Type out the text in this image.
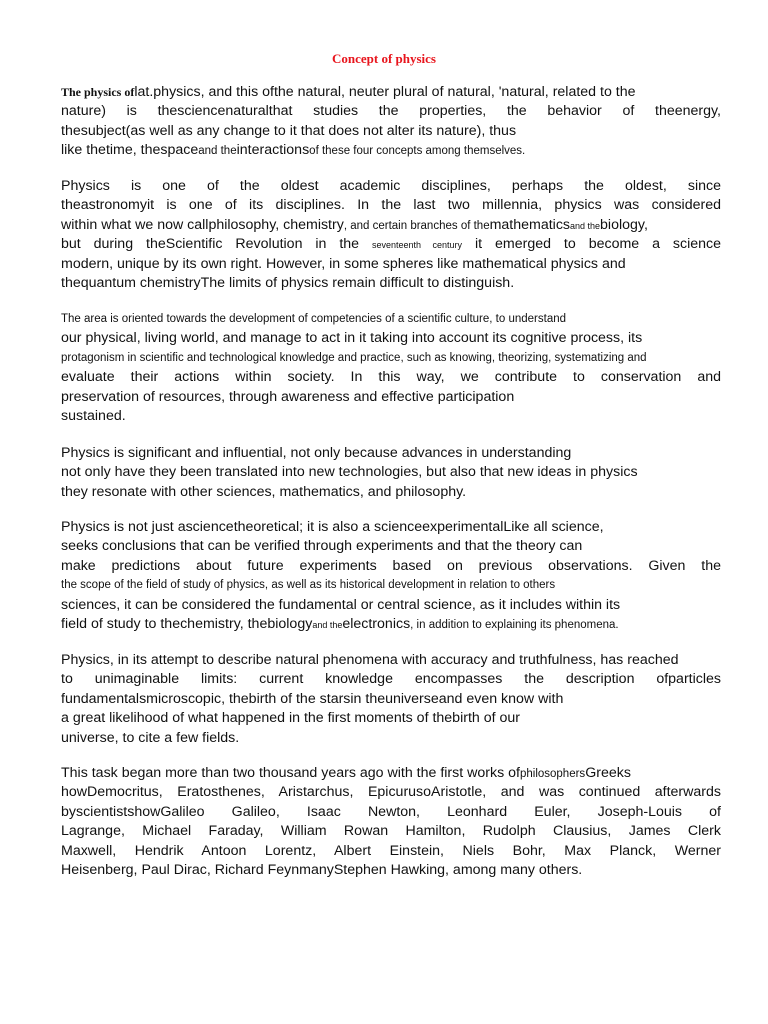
Concept of physics
The physics oflat.physics, and this ofthe natural, neuter plural of natural, 'natural, related to the
nature) is thesciencenaturalthat studies the properties, the behavior of theenergy,
thesubject(as well as any change to it that does not alter its nature), thus
like thetime, thespaceand theinteractionsof these four concepts among themselves.
Physics is one of the oldest academic disciplines, perhaps the oldest, since
theastronomyit is one of its disciplines. In the last two millennia, physics was considered
within what we now callphilosophy, chemistry, and certain branches of themathematicsand thebiology,
but during theScientific Revolution in the seventeenth century it emerged to become a science
modern, unique by its own right. However, in some spheres like mathematical physics and
thequantum chemistryThe limits of physics remain difficult to distinguish.
The area is oriented towards the development of competencies of a scientific culture, to understand
our physical, living world, and manage to act in it taking into account its cognitive process, its
protagonism in scientific and technological knowledge and practice, such as knowing, theorizing, systematizing and
evaluate their actions within society. In this way, we contribute to conservation and
preservation of resources, through awareness and effective participation
sustained.
Physics is significant and influential, not only because advances in understanding
not only have they been translated into new technologies, but also that new ideas in physics
they resonate with other sciences, mathematics, and philosophy.
Physics is not just asciencetheoretical; it is also a scienceexperimentalLike all science,
seeks conclusions that can be verified through experiments and that the theory can
make predictions about future experiments based on previous observations. Given the
the scope of the field of study of physics, as well as its historical development in relation to others
sciences, it can be considered the fundamental or central science, as it includes within its
field of study to thechemistry, thebiologyand theelectronics, in addition to explaining its phenomena.
Physics, in its attempt to describe natural phenomena with accuracy and truthfulness, has reached
to unimaginable limits: current knowledge encompasses the description ofparticles
fundamentalsmicroscopic, thebirth of the starsin theuniverseand even know with
a great likelihood of what happened in the first moments of thebirth of our
universe, to cite a few fields.
This task began more than two thousand years ago with the first works ofphilosophersGreeks
howDemocritus, Eratosthenes, Aristarchus, EpicurusoAristotle, and was continued afterwards
byscientistshowGalileo Galileo, Isaac Newton, Leonhard Euler, Joseph-Louis of
Lagrange, Michael Faraday, William Rowan Hamilton, Rudolph Clausius, James Clerk
Maxwell, Hendrik Antoon Lorentz, Albert Einstein, Niels Bohr, Max Planck, Werner
Heisenberg, Paul Dirac, Richard FeynmanyStephen Hawking, among many others.
